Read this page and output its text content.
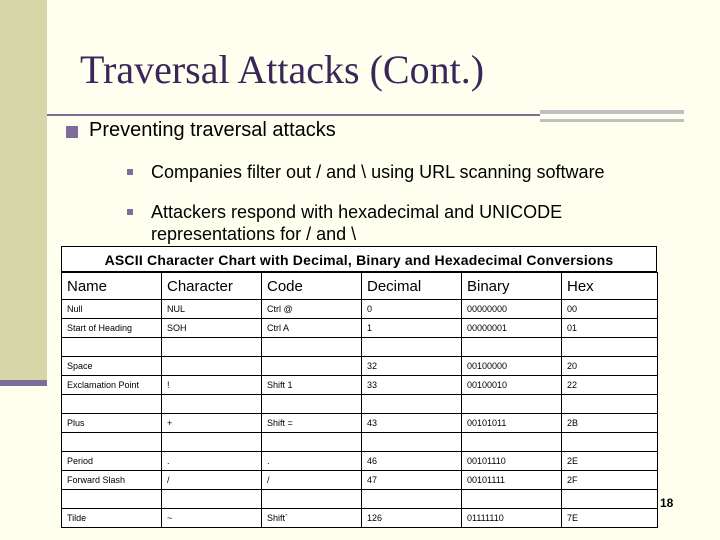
Traversal Attacks (Cont.)
Preventing traversal attacks
Companies filter out / and \ using URL scanning software
Attackers respond with hexadecimal and UNICODE representations for / and \
ASCII Character Chart with Decimal, Binary and Hexadecimal Conversions
Name	Character	Code	Decimal	Binary	Hex
Null	NUL	Ctrl @	0	00000000	00
Start of Heading	SOH	Ctrl A	1	00000001	01

Space			32	00100000	20
Exclamation Point	!	Shift 1	33	00100010	22

Plus	+	Shift =	43	00101011	2B

Period	.	.	46	00101110	2E
Forward Slash	/	/	47	00101111	2F

Tilde	~	Shift`	126	01111110	7E
18
